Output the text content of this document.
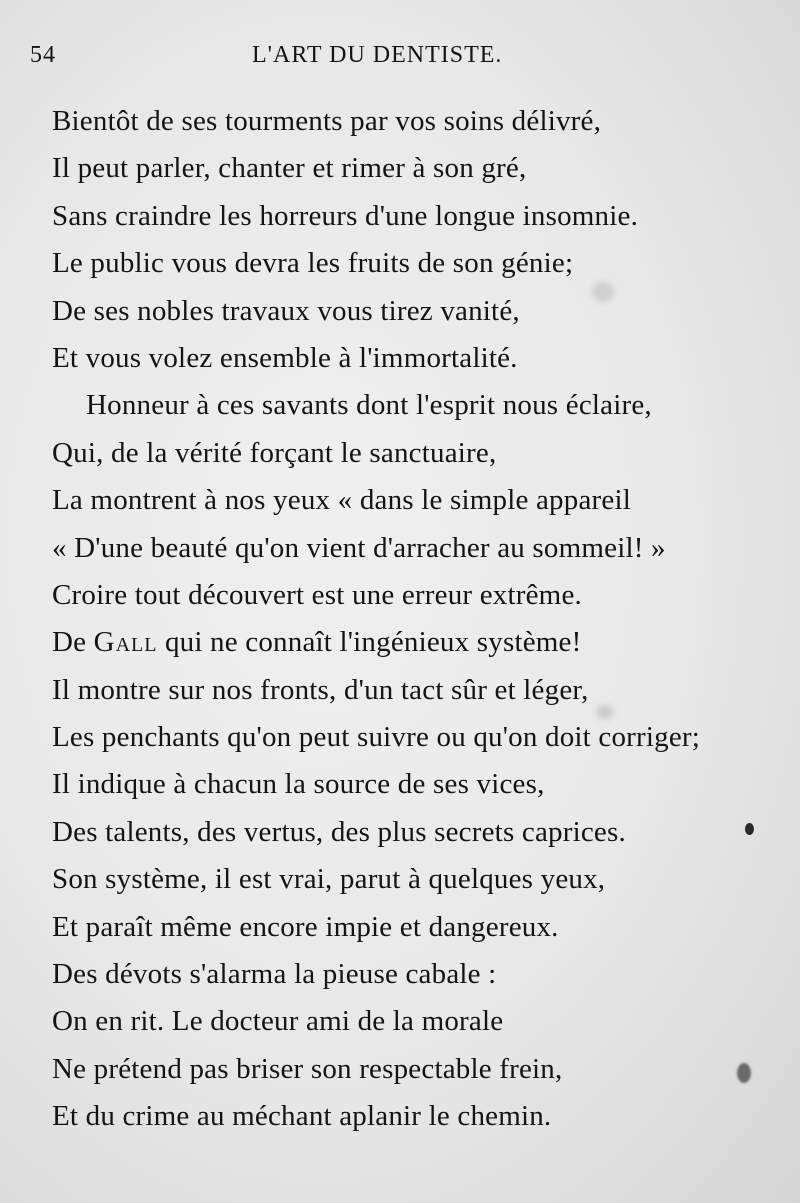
54	L'ART DU DENTISTE.
Bientôt de ses tourments par vos soins délivré,
Il peut parler, chanter et rimer à son gré,
Sans craindre les horreurs d'une longue insomnie.
Le public vous devra les fruits de son génie;
De ses nobles travaux vous tirez vanité,
Et vous volez ensemble à l'immortalité.
Honneur à ces savants dont l'esprit nous éclaire,
Qui, de la vérité forçant le sanctuaire,
La montrent à nos yeux « dans le simple appareil
« D'une beauté qu'on vient d'arracher au sommeil! »
Croire tout découvert est une erreur extrême.
De Gall qui ne connaît l'ingénieux système!
Il montre sur nos fronts, d'un tact sûr et léger,
Les penchants qu'on peut suivre ou qu'on doit corriger;
Il indique à chacun la source de ses vices,
Des talents, des vertus, des plus secrets caprices.
Son système, il est vrai, parut à quelques yeux,
Et paraît même encore impie et dangereux.
Des dévots s'alarma la pieuse cabale :
On en rit. Le docteur ami de la morale
Ne prétend pas briser son respectable frein,
Et du crime au méchant aplanir le chemin.
